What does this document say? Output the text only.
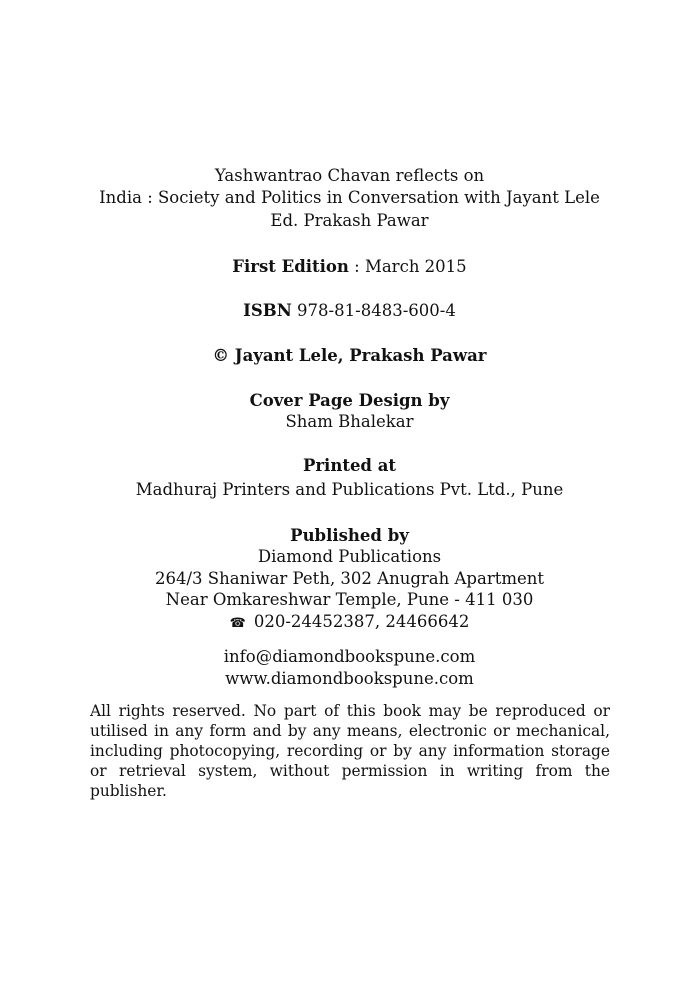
Yashwantrao Chavan reflects on
India : Society and Politics in Conversation with Jayant Lele
Ed. Prakash Pawar
First Edition : March 2015
ISBN 978-81-8483-600-4
© Jayant Lele, Prakash Pawar
Cover Page Design by
Sham Bhalekar
Printed at
Madhuraj Printers and Publications Pvt. Ltd., Pune
Published by
Diamond Publications
264/3 Shaniwar Peth, 302 Anugrah Apartment
Near Omkareshwar Temple, Pune - 411 030
☎ 020-24452387, 24466642
info@diamondbookspune.com
www.diamondbookspune.com
All rights reserved. No part of this book may be reproduced or utilised in any form and by any means, electronic or mechanical, including photocopying, recording or by any information storage or retrieval system, without permission in writing from the publisher.
